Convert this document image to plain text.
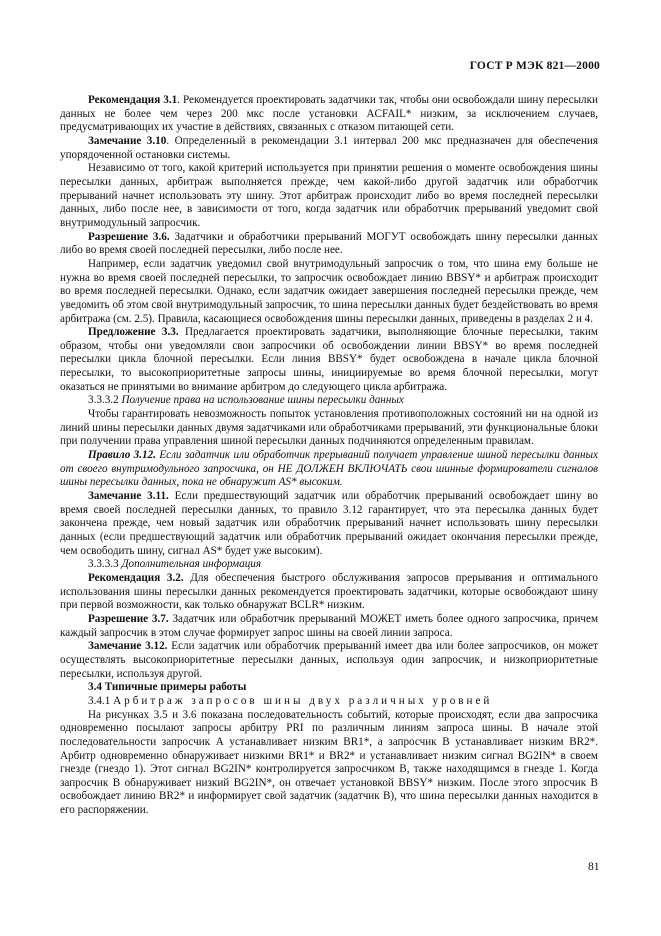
ГОСТ Р МЭК 821—2000

Рекомендация 3.1. Рекомендуется проектировать задатчики так, чтобы они освобождали шину пересылки данных не более чем через 200 мкс после установки ACFAIL* низким, за исключением случаев, предусматривающих их участие в действиях, связанных с отказом питающей сети.

Замечание 3.10. Определенный в рекомендации 3.1 интервал 200 мкс предназначен для обеспечения упорядоченной остановки системы.

Независимо от того, какой критерий используется при принятии решения о моменте освобождения шины пересылки данных, арбитраж выполняется прежде, чем какой-либо другой задатчик или обработчик прерываний начнет использовать эту шину. Этот арбитраж происходит либо во время последней пересылки данных, либо после нее, в зависимости от того, когда задатчик или обработчик прерываний уведомит свой внутримодульный запросчик.

Разрешение 3.6. Задатчики и обработчики прерываний МОГУТ освобождать шину пересылки данных либо во время своей последней пересылки, либо после нее.

Например, если задатчик уведомил свой внутримодульный запросчик о том, что шина ему больше не нужна во время своей последней пересылки, то запросчик освобождает линию BBSY* и арбитраж происходит во время последней пересылки. Однако, если задатчик ожидает завершения последней пересылки прежде, чем уведомить об этом свой внутримодульный запросчик, то шина пересылки данных будет бездействовать во время арбитража (см. 2.5). Правила, касающиеся освобождения шины пересылки данных, приведены в разделах 2 и 4.

Предложение 3.3. Предлагается проектировать задатчики, выполняющие блочные пересылки, таким образом, чтобы они уведомляли свои запросчики об освобождении линии BBSY* во время последней пересылки цикла блочной пересылки. Если линия BBSY* будет освобождена в начале цикла блочной пересылки, то высокоприоритетные запросы шины, инициируемые во время блочной пересылки, могут оказаться не принятыми во внимание арбитром до следующего цикла арбитража.

3.3.3.2 Получение права на использование шины пересылки данных

Чтобы гарантировать невозможность попыток установления противоположных состояний ни на одной из линий шины пересылки данных двумя задатчиками или обработчиками прерываний, эти функциональные блоки при получении права управления шиной пересылки данных подчиняются определенным правилам.

Правило 3.12. Если задатчик или обработчик прерываний получает управление шиной пересылки данных от своего внутримодульного запросчика, он НЕ ДОЛЖЕН ВКЛЮЧАТЬ свои шинные формирователи сигналов шины пересылки данных, пока не обнаружит AS* высоким.

Замечание 3.11. Если предшествующий задатчик или обработчик прерываний освобождает шину во время своей последней пересылки данных, то правило 3.12 гарантирует, что эта пересылка данных будет закончена прежде, чем новый задатчик или обработчик прерываний начнет использовать шину пересылки данных (если предшествующий задатчик или обработчик прерываний ожидает окончания пересылки прежде, чем освободить шину, сигнал AS* будет уже высоким).

3.3.3.3 Дополнительная информация

Рекомендация 3.2. Для обеспечения быстрого обслуживания запросов прерывания и оптимального использования шины пересылки данных рекомендуется проектировать задатчики, которые освобождают шину при первой возможности, как только обнаружат BCLR* низким.

Разрешение 3.7. Задатчик или обработчик прерываний МОЖЕТ иметь более одного запросчика, причем каждый запросчик в этом случае формирует запрос шины на своей линии запроса.

Замечание 3.12. Если задатчик или обработчик прерываний имеет два или более запросчиков, он может осуществлять высокоприоритетные пересылки данных, используя один запросчик, и низкоприоритетные пересылки, используя другой.

3.4 Типичные примеры работы

3.4.1 Арбитраж запросов шины двух различных уровней

На рисунках 3.5 и 3.6 показана последовательность событий, которые происходят, если два запросчика одновременно посылают запросы арбитру PRI по различным линиям запроса шины. В начале этой последовательности запросчик А устанавливает низким BR1*, а запросчик В устанавливает низким BR2*. Арбитр одновременно обнаруживает низкими BR1* и BR2* и устанавливает низким сигнал BG2IN* в своем гнезде (гнездо 1). Этот сигнал BG2IN* контролируется запросчиком В, также находящимся в гнезде 1. Когда запросчик В обнаруживает низкий BG2IN*, он отвечает установкой BBSY* низким. После этого зпросчик В освобождает линию BR2* и информирует свой задатчик (задатчик В), что шина пересылки данных находится в его распоряжении.

81
